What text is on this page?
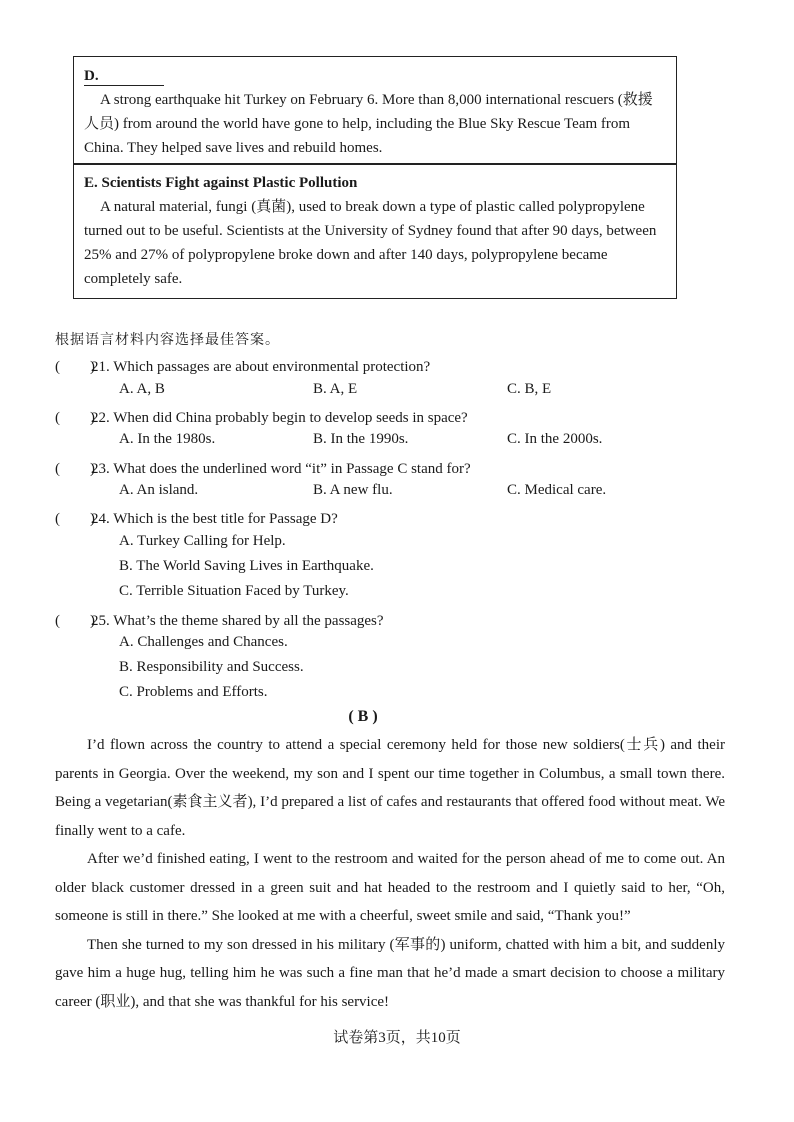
D.

A strong earthquake hit Turkey on February 6. More than 8,000 international rescuers (救援人员) from around the world have gone to help, including the Blue Sky Rescue Team from China. They helped save lives and rebuild homes.

E. Scientists Fight against Plastic Pollution

A natural material, fungi (真菌), used to break down a type of plastic called polypropylene turned out to be useful. Scientists at the University of Sydney found that after 90 days, between 25% and 27% of polypropylene broke down and after 140 days, polypropylene became completely safe.

根据语言材料内容选择最佳答案。
(　　)21. Which passages are about environmental protection?
A. A, B	B. A, E	C. B, E
(　　)22. When did China probably begin to develop seeds in space?
A. In the 1980s.	B. In the 1990s.	C. In the 2000s.
(　　)23. What does the underlined word “it” in Passage C stand for?
A. An island.	B. A new flu.	C. Medical care.
(　　)24. Which is the best title for Passage D?
A. Turkey Calling for Help.
B. The World Saving Lives in Earthquake.
C. Terrible Situation Faced by Turkey.
(　　)25. What’s the theme shared by all the passages?
A. Challenges and Chances.
B. Responsibility and Success.
C. Problems and Efforts.
( B )

I’d flown across the country to attend a special ceremony held for those new soldiers(士兵) and their parents in Georgia. Over the weekend, my son and I spent our time together in Columbus, a small town there. Being a vegetarian(素食主义者), I’d prepared a list of cafes and restaurants that offered food without meat. We finally went to a cafe.

After we’d finished eating, I went to the restroom and waited for the person ahead of me to come out. An older black customer dressed in a green suit and hat headed to the restroom and I quietly said to her, “Oh, someone is still in there.” She looked at me with a cheerful, sweet smile and said, “Thank you!”

Then she turned to my son dressed in his military (军事的) uniform, chatted with him a bit, and suddenly gave him a huge hug, telling him he was such a fine man that he’d made a smart decision to choose a military career (职业), and that she was thankful for his service!

试卷第3页，共10页
